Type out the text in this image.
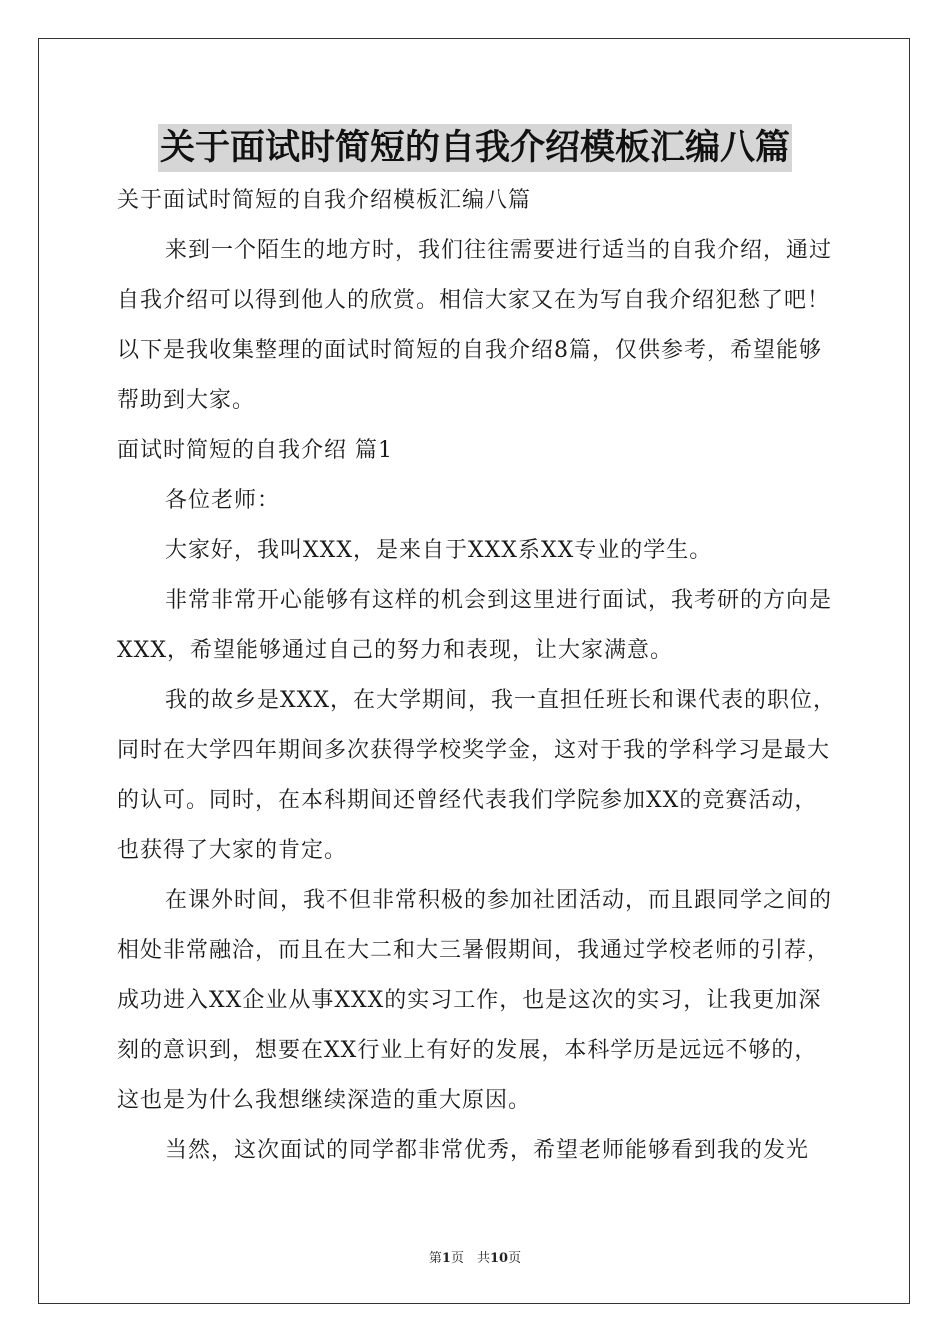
关于面试时简短的自我介绍模板汇编八篇

关于面试时简短的自我介绍模板汇编八篇

来到一个陌生的地方时，我们往往需要进行适当的自我介绍，通过自我介绍可以得到他人的欣赏。相信大家又在为写自我介绍犯愁了吧！以下是我收集整理的面试时简短的自我介绍8篇，仅供参考，希望能够帮助到大家。

面试时简短的自我介绍 篇1

各位老师：

大家好，我叫XXX，是来自于XXX系XX专业的学生。

非常非常开心能够有这样的机会到这里进行面试，我考研的方向是XXX，希望能够通过自己的努力和表现，让大家满意。

我的故乡是XXX，在大学期间，我一直担任班长和课代表的职位，同时在大学四年期间多次获得学校奖学金，这对于我的学科学习是最大的认可。同时，在本科期间还曾经代表我们学院参加XX的竞赛活动，也获得了大家的肯定。

在课外时间，我不但非常积极的参加社团活动，而且跟同学之间的相处非常融洽，而且在大二和大三暑假期间，我通过学校老师的引荐，成功进入XX企业从事XXX的实习工作，也是这次的实习，让我更加深刻的意识到，想要在XX行业上有好的发展，本科学历是远远不够的，这也是为什么我想继续深造的重大原因。

当然，这次面试的同学都非常优秀，希望老师能够看到我的发光

第1页　共10页
